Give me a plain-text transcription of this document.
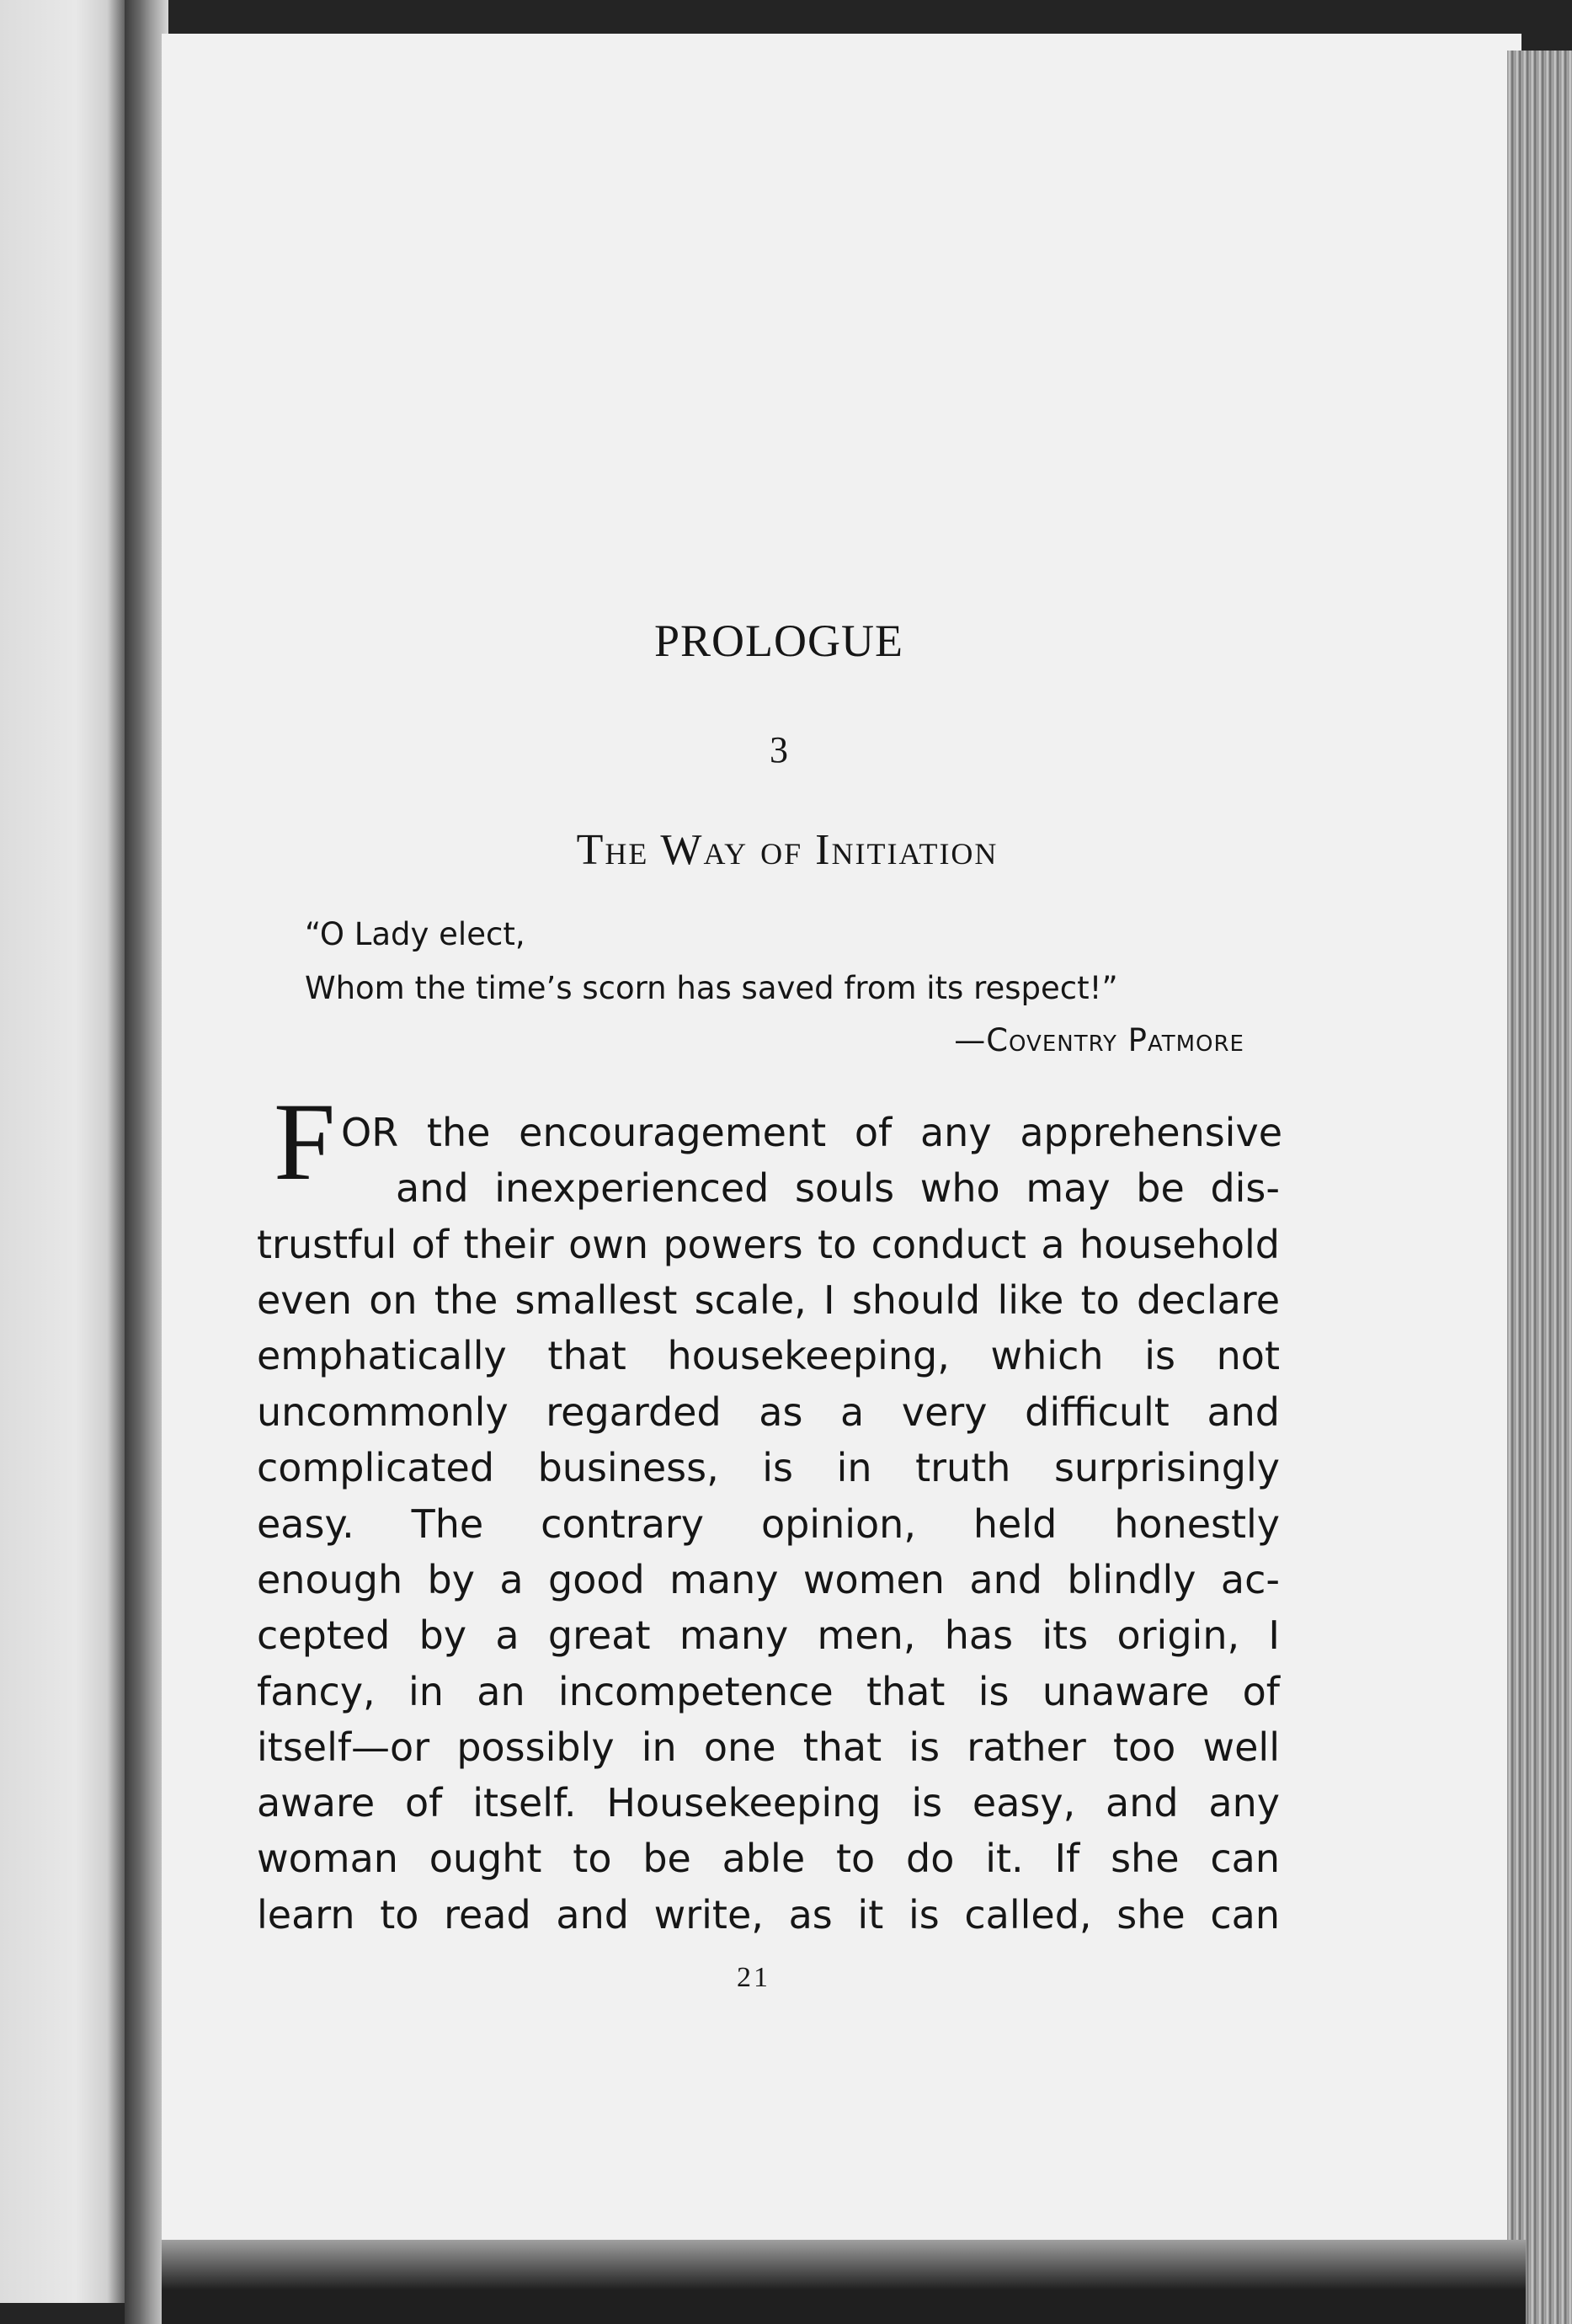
PROLOGUE
3
The Way of Initiation
“O Lady elect,
Whom the time’s scorn has saved from its respect!”
—Coventry Patmore
F OR the encouragement of any apprehensive
and inexperienced souls who may be dis-
trustful of their own powers to conduct a household
even on the smallest scale, I should like to declare
emphatically that housekeeping, which is not
uncommonly regarded as a very difficult and
complicated business, is in truth surprisingly
easy. The contrary opinion, held honestly
enough by a good many women and blindly ac-
cepted by a great many men, has its origin, I
fancy, in an incompetence that is unaware of
itself—or possibly in one that is rather too well
aware of itself. Housekeeping is easy, and any
woman ought to be able to do it. If she can
learn to read and write, as it is called, she can
21
